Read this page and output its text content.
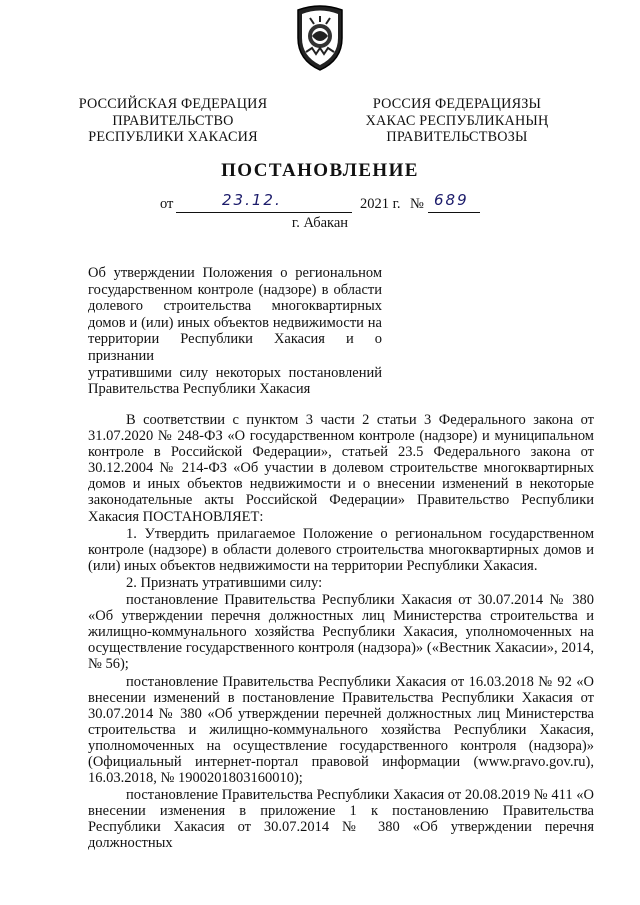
РОССИЙСКАЯ ФЕДЕРАЦИЯ
ПРАВИТЕЛЬСТВО
РЕСПУБЛИКИ ХАКАСИЯ
РОССИЯ ФЕДЕРАЦИЯЗЫ
ХАКАС РЕСПУБЛИКАНЫҢ
ПРАВИТЕЛЬСТВОЗЫ
ПОСТАНОВЛЕНИЕ
от	23.12.	2021 г. № 689
г. Абакан
Об утверждении Положения о региональном
государственном контроле (надзоре) в области
долевого строительства многоквартирных
домов и (или) иных объектов недвижимости на
территории Республики Хакасия и о признании
утратившими силу некоторых постановлений
Правительства Республики Хакасия

В соответствии с пунктом 3 части 2 статьи 3 Федерального закона от 31.07.2020 № 248-ФЗ «О государственном контроле (надзоре) и муниципальном контроле в Российской Федерации», статьей 23.5 Федерального закона от 30.12.2004 № 214-ФЗ «Об участии в долевом строительстве многоквартирных домов и иных объектов недвижимости и о внесении изменений в некоторые законодательные акты Российской Федерации» Правительство Республики Хакасия ПОСТАНОВЛЯЕТ:

1. Утвердить прилагаемое Положение о региональном государственном контроле (надзоре) в области долевого строительства многоквартирных домов и (или) иных объектов недвижимости на территории Республики Хакасия.

2. Признать утратившими силу:

постановление Правительства Республики Хакасия от 30.07.2014 № 380 «Об утверждении перечня должностных лиц Министерства строительства и жилищно-коммунального хозяйства Республики Хакасия, уполномоченных на осуществление государственного контроля (надзора)» («Вестник Хакасии», 2014, № 56);

постановление Правительства Республики Хакасия от 16.03.2018 № 92 «О внесении изменений в постановление Правительства Республики Хакасия от 30.07.2014 № 380 «Об утверждении перечней должностных лиц Министерства строительства и жилищно-коммунального хозяйства Республики Хакасия, уполномоченных на осуществление государственного контроля (надзора)» (Официальный интернет-портал правовой информации (www.pravo.gov.ru), 16.03.2018, № 1900201803160010);

постановление Правительства Республики Хакасия от 20.08.2019 № 411 «О внесении изменения в приложение 1 к постановлению Правительства Республики Хакасия от 30.07.2014 № 380 «Об утверждении перечня должностных
